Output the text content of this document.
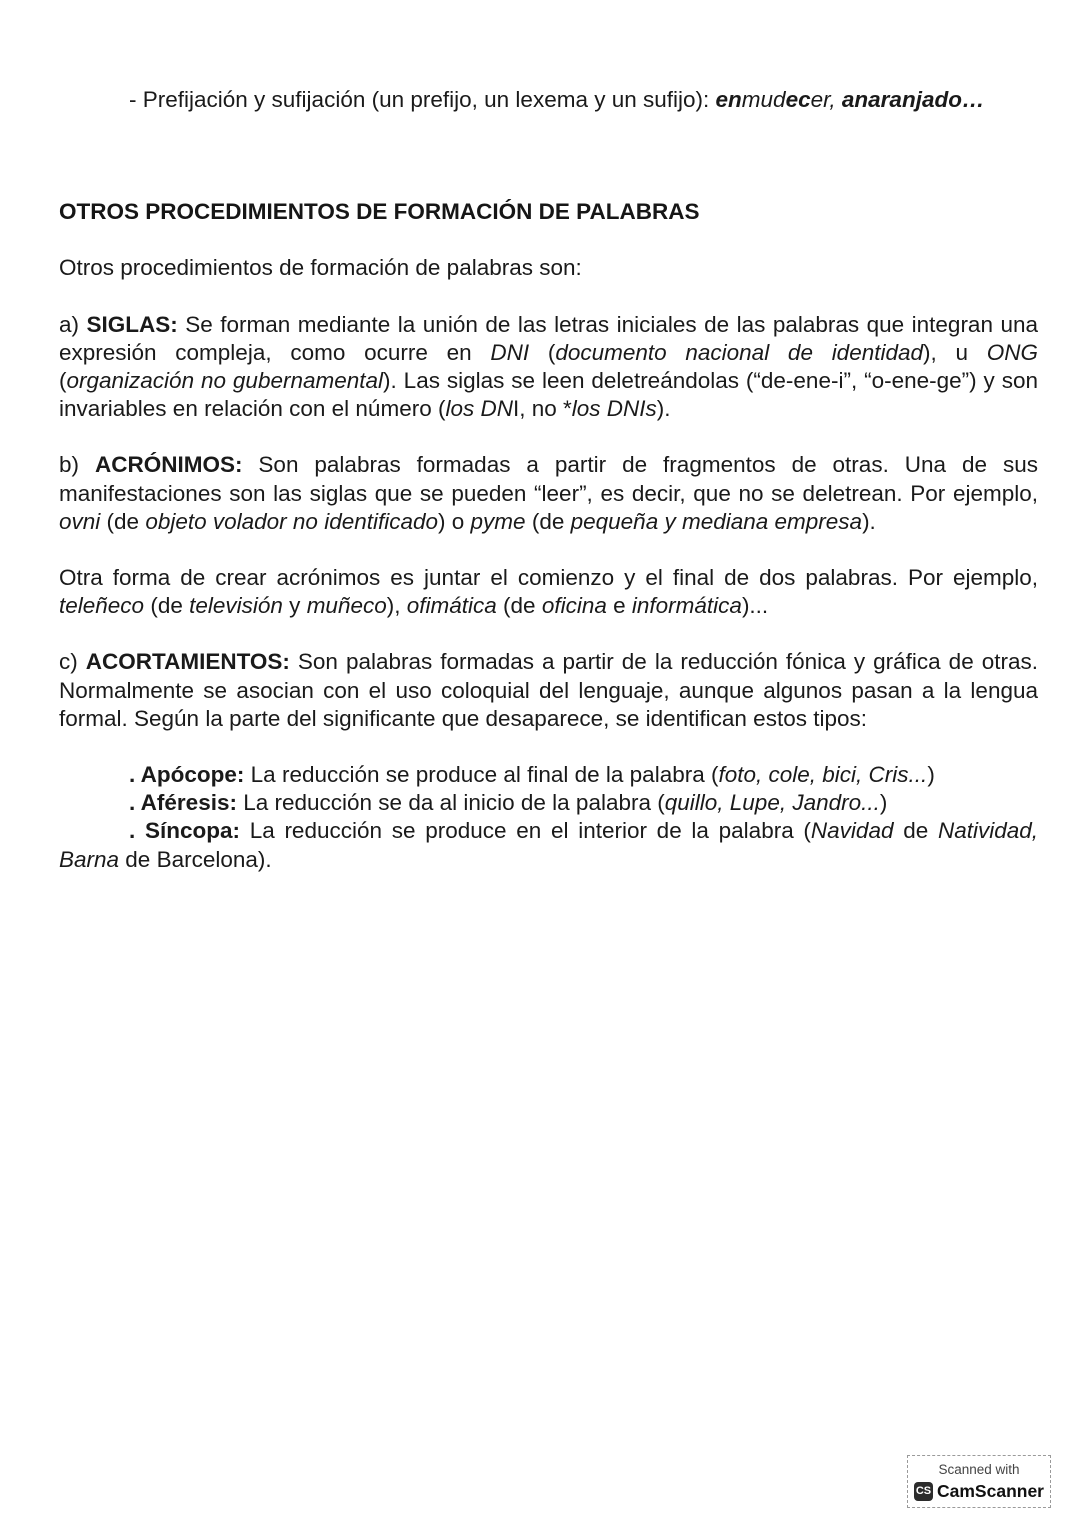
- Prefijación y sufijación (un prefijo, un lexema y un sufijo): enmudecer, anaranjado…

OTROS PROCEDIMIENTOS DE FORMACIÓN DE PALABRAS

Otros procedimientos de formación de palabras son:

a) SIGLAS: Se forman mediante la unión de las letras iniciales de las palabras que integran una expresión compleja, como ocurre en DNI (documento nacional de identidad), u ONG (organización no gubernamental). Las siglas se leen deletreándolas (“de-ene-i”, “o-ene-ge”) y son invariables en relación con el número (los DNI, no *los DNIs).

b) ACRÓNIMOS: Son palabras formadas a partir de fragmentos de otras. Una de sus manifestaciones son las siglas que se pueden “leer”, es decir, que no se deletrean. Por ejemplo, ovni (de objeto volador no identificado) o pyme (de pequeña y mediana empresa).

Otra forma de crear acrónimos es juntar el comienzo y el final de dos palabras. Por ejemplo, teleñeco (de televisión y muñeco), ofimática (de oficina e informática)...

c) ACORTAMIENTOS: Son palabras formadas a partir de la reducción fónica y gráfica de otras. Normalmente se asocian con el uso coloquial del lenguaje, aunque algunos pasan a la lengua formal. Según la parte del significante que desaparece, se identifican estos tipos:

. Apócope: La reducción se produce al final de la palabra (foto, cole, bici, Cris...)

. Aféresis: La reducción se da al inicio de la palabra (quillo, Lupe, Jandro...)

. Síncopa: La reducción se produce en el interior de la palabra (Navidad de Natividad, Barna de Barcelona).

Scanned with
CS CamScanner
